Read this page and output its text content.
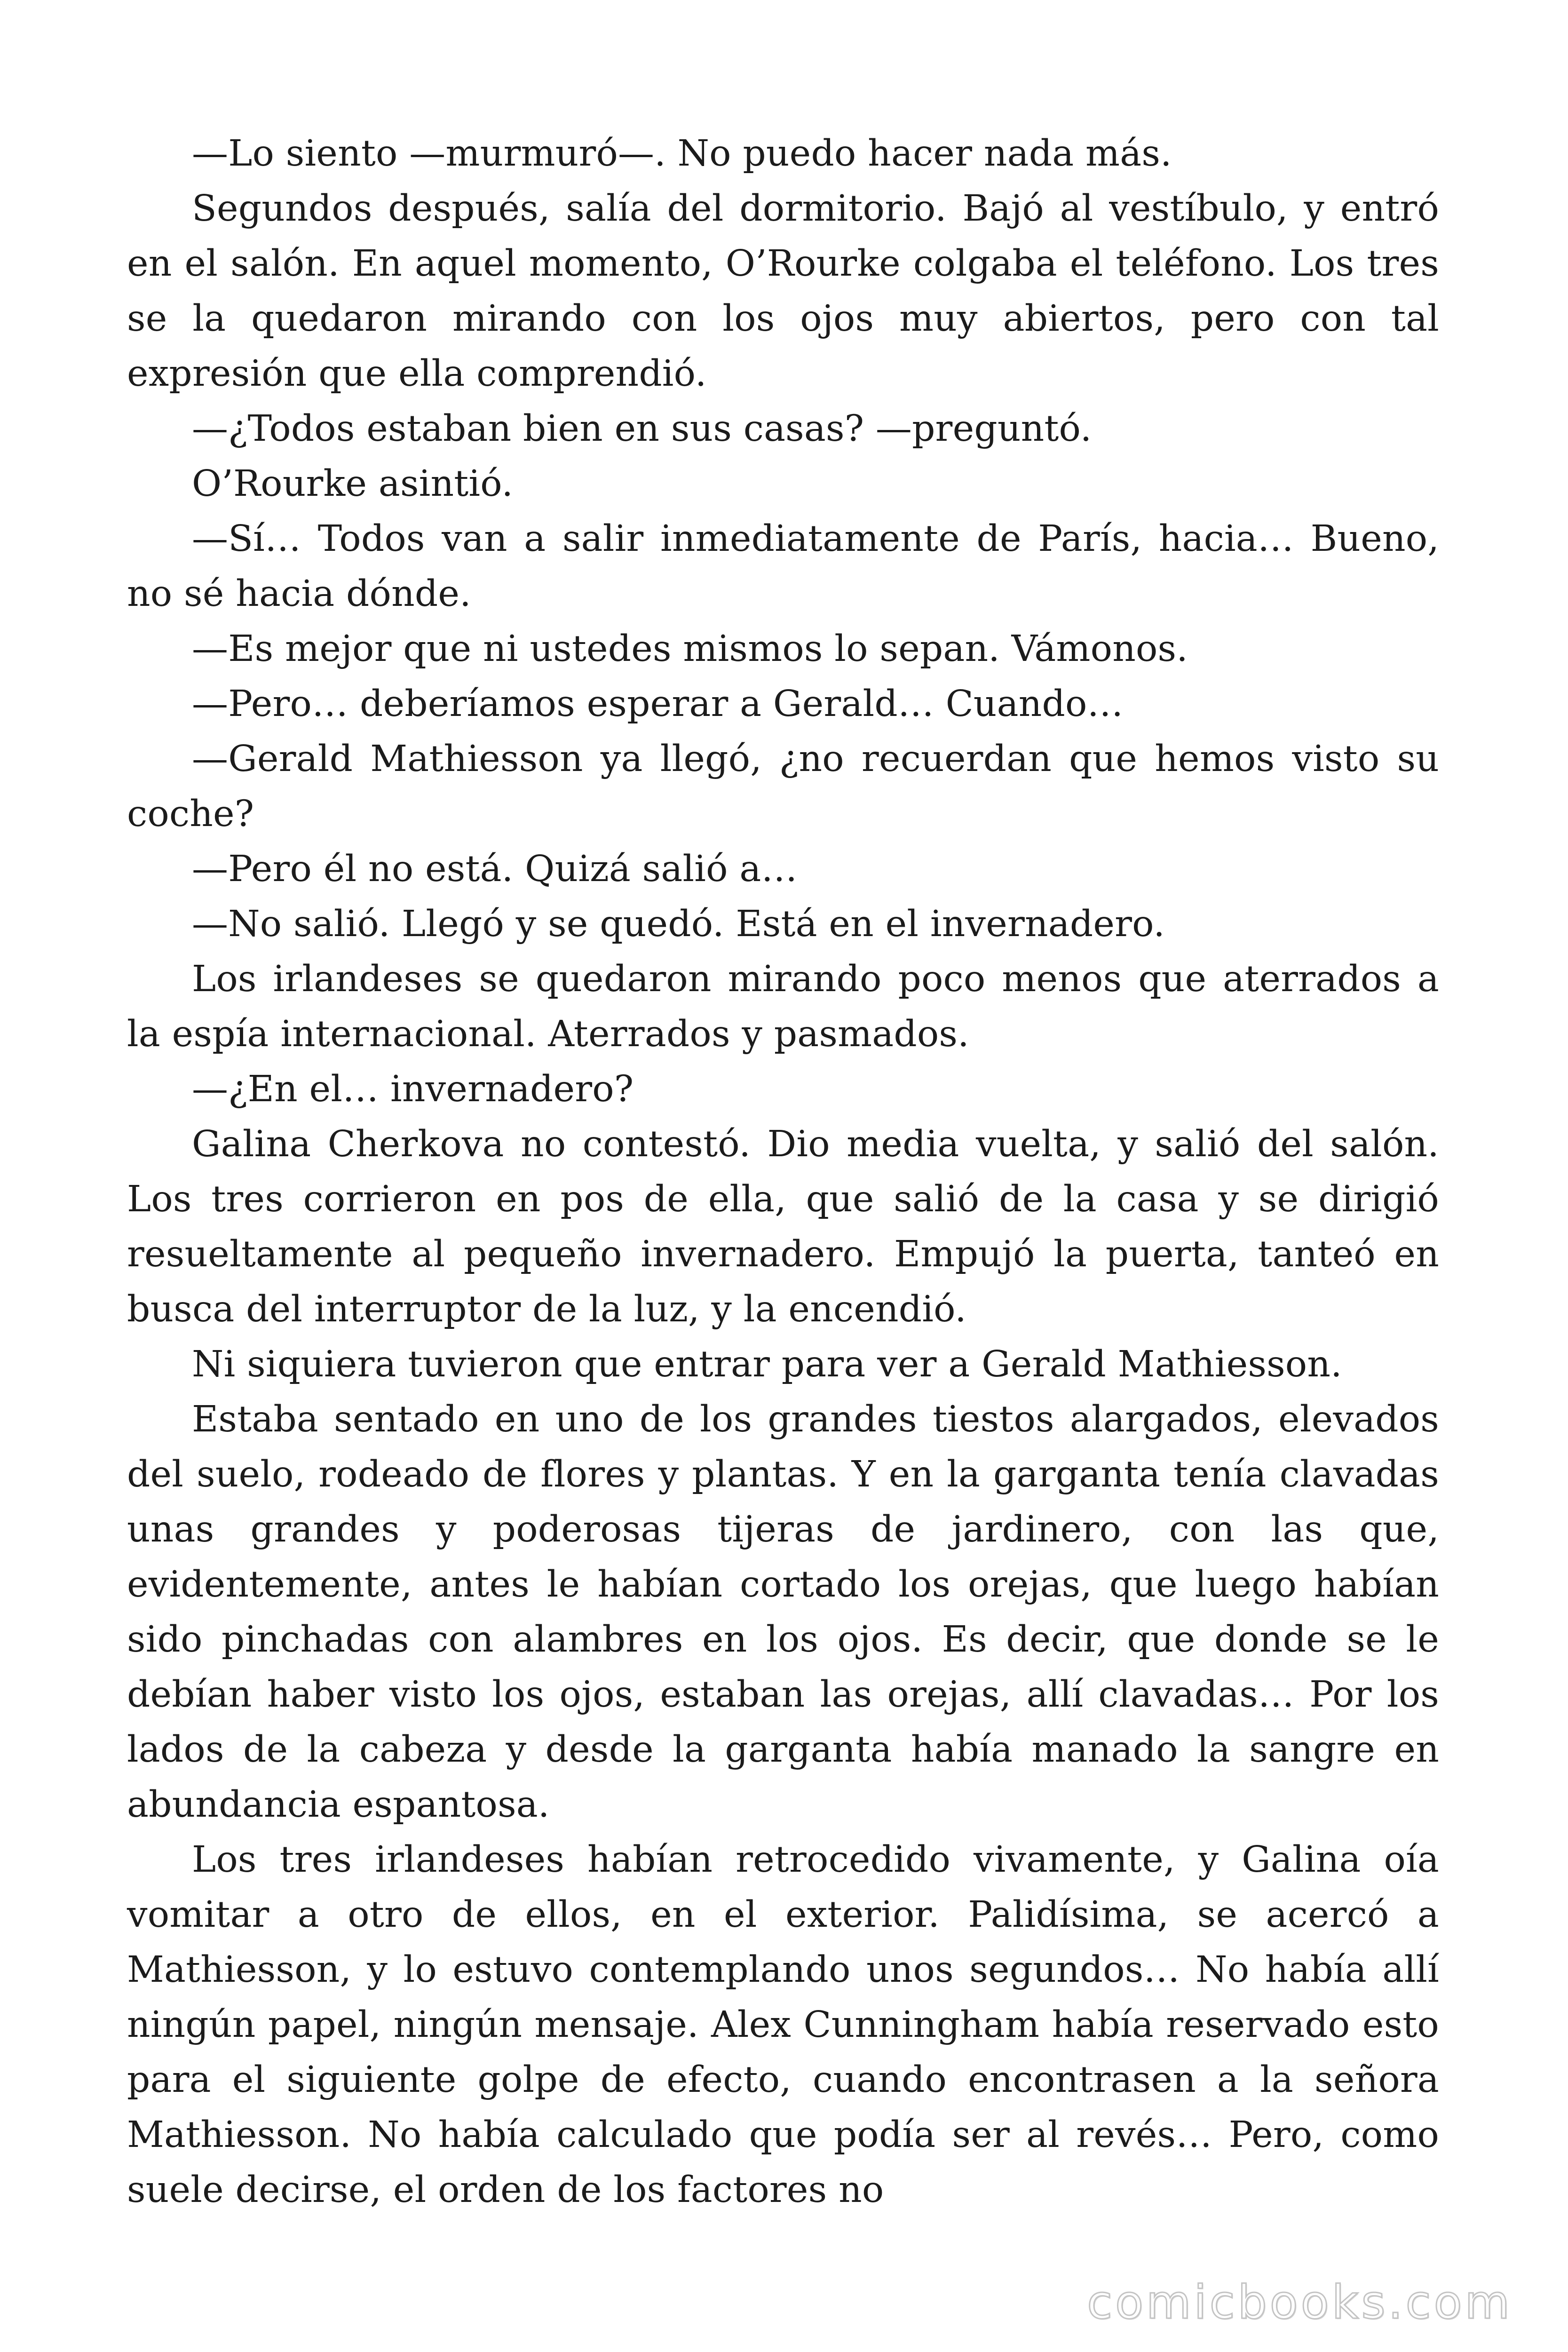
—Lo siento —murmuró—. No puedo hacer nada más.

Segundos después, salía del dormitorio. Bajó al vestíbulo, y entró en el salón. En aquel momento, O’Rourke colgaba el teléfono. Los tres se la quedaron mirando con los ojos muy abiertos, pero con tal expresión que ella comprendió.

—¿Todos estaban bien en sus casas? —preguntó.

O’Rourke asintió.

—Sí… Todos van a salir inmediatamente de París, hacia… Bueno, no sé hacia dónde.

—Es mejor que ni ustedes mismos lo sepan. Vámonos.

—Pero… deberíamos esperar a Gerald… Cuando…

—Gerald Mathiesson ya llegó, ¿no recuerdan que hemos visto su coche?

—Pero él no está. Quizá salió a…

—No salió. Llegó y se quedó. Está en el invernadero.

Los irlandeses se quedaron mirando poco menos que aterrados a la espía internacional. Aterrados y pasmados.

—¿En el… invernadero?

Galina Cherkova no contestó. Dio media vuelta, y salió del salón. Los tres corrieron en pos de ella, que salió de la casa y se dirigió resueltamente al pequeño invernadero. Empujó la puerta, tanteó en busca del interruptor de la luz, y la encendió.

Ni siquiera tuvieron que entrar para ver a Gerald Mathiesson.

Estaba sentado en uno de los grandes tiestos alargados, elevados del suelo, rodeado de flores y plantas. Y en la garganta tenía clavadas unas grandes y poderosas tijeras de jardinero, con las que, evidentemente, antes le habían cortado los orejas, que luego habían sido pinchadas con alambres en los ojos. Es decir, que donde se le debían haber visto los ojos, estaban las orejas, allí clavadas… Por los lados de la cabeza y desde la garganta había manado la sangre en abundancia espantosa.

Los tres irlandeses habían retrocedido vivamente, y Galina oía vomitar a otro de ellos, en el exterior. Palidísima, se acercó a Mathiesson, y lo estuvo contemplando unos segundos… No había allí ningún papel, ningún mensaje. Alex Cunningham había reservado esto para el siguiente golpe de efecto, cuando encontrasen a la señora Mathiesson. No había calculado que podía ser al revés… Pero, como suele decirse, el orden de los factores no

comicbooks.com
